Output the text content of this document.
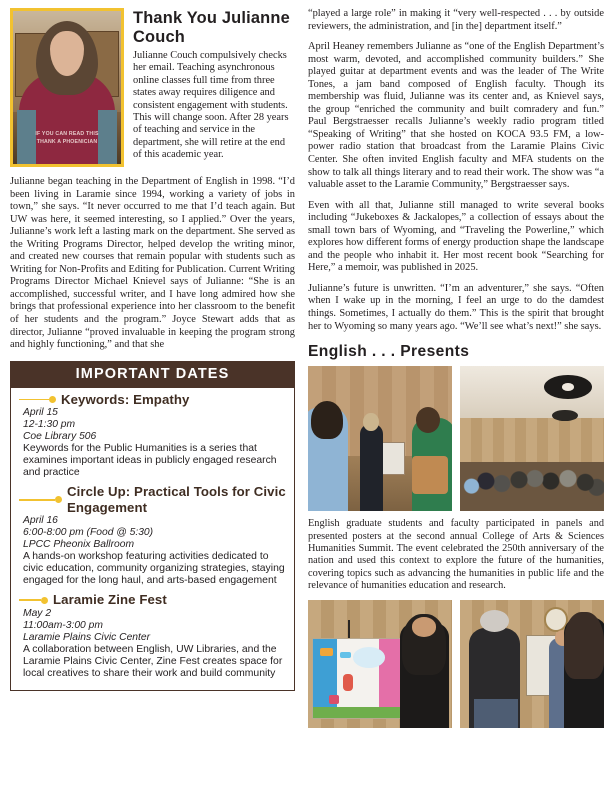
IF YOU CAN READ THIS THANK A PHOENICIAN
Thank You Julianne Couch
Julianne Couch compulsively checks her email. Teaching asynchronous online classes full time from three states away requires diligence and consistent engagement with students. This will change soon. After 28 years of teaching and service in the department, she will retire at the end of this academic year.

Julianne began teaching in the Department of English in 1998. “I’d been living in Laramie since 1994, working a variety of jobs in town,” she says. “It never occurred to me that I’d teach again. But UW was here, it seemed interesting, so I applied.” Over the years, Julianne’s work left a lasting mark on the department. She served as the Writing Programs Director, helped develop the writing minor, and created new courses that remain popular with students such as Writing for Non-Profits and Editing for Publication. Current Writing Programs Director Michael Knievel says of Julianne: “She is an accomplished, successful writer, and I have long admired how she brings that professional experience into her classroom to the benefit of her students and the program.” Joyce Stewart adds that as director, Julianne “proved invaluable in keeping the program strong and highly functioning,” and that she

IMPORTANT DATES
Keywords: Empathy
April 15
12-1:30 pm
Coe Library 506
Keywords for the Public Humanities is a series that examines important ideas in publicly engaged research and practice
Circle Up: Practical Tools for Civic Engagement
April 16
6:00-8:00 pm (Food @ 5:30)
LPCC Pheonix Ballroom
A hands-on workshop featuring activities dedicated to civic education, community organizing strategies, staying engaged for the long haul, and arts-based engagement
Laramie Zine Fest
May 2
11:00am-3:00 pm
Laramie Plains Civic Center
A collaboration between English, UW Libraries, and the Laramie Plains Civic Center, Zine Fest creates space for local creatives to share their work and build community

“played a large role” in making it “very well-respected . . . by outside reviewers, the administration, and [in the] department itself.”

April Heaney remembers Julianne as “one of the English Department’s most warm, devoted, and accomplished community builders.” She played guitar at department events and was the leader of The Write Tones, a jam band composed of English faculty. Though its membership was fluid, Julianne was its center and, as Knievel says, the group “enriched the community and built comradery and fun.” Paul Bergstraesser recalls Julianne’s weekly radio program titled “Speaking of Writing” that she hosted on KOCA 93.5 FM, a low-power radio station that broadcast from the Laramie Plains Civic Center. She often invited English faculty and MFA students on the show to talk all things literary and to read their work. The show was “a valuable asset to the Laramie Community,” Bergstraesser says.

Even with all that, Julianne still managed to write several books including “Jukeboxes & Jackalopes,” a collection of essays about the small town bars of Wyoming, and “Traveling the Powerline,” which explores how different forms of energy production shape the landscape and the people who inhabit it. Her most recent book “Searching for Here,” a memoir, was published in 2025.

Julianne’s future is unwritten. “I’m an adventurer,” she says. “Often when I wake up in the morning, I feel an urge to do the damdest things. Sometimes, I actually do them.” This is the spirit that brought her to Wyoming so many years ago. “We’ll see what’s next!” she says.

English . . . Presents

English graduate students and faculty participated in panels and presented posters at the second annual College of Arts & Sciences Humanities Summit. The event celebrated the 250th anniversary of the nation and used this context to explore the future of the humanities, covering topics such as advancing the humanities in public life and the relevance of humanities education and research.
